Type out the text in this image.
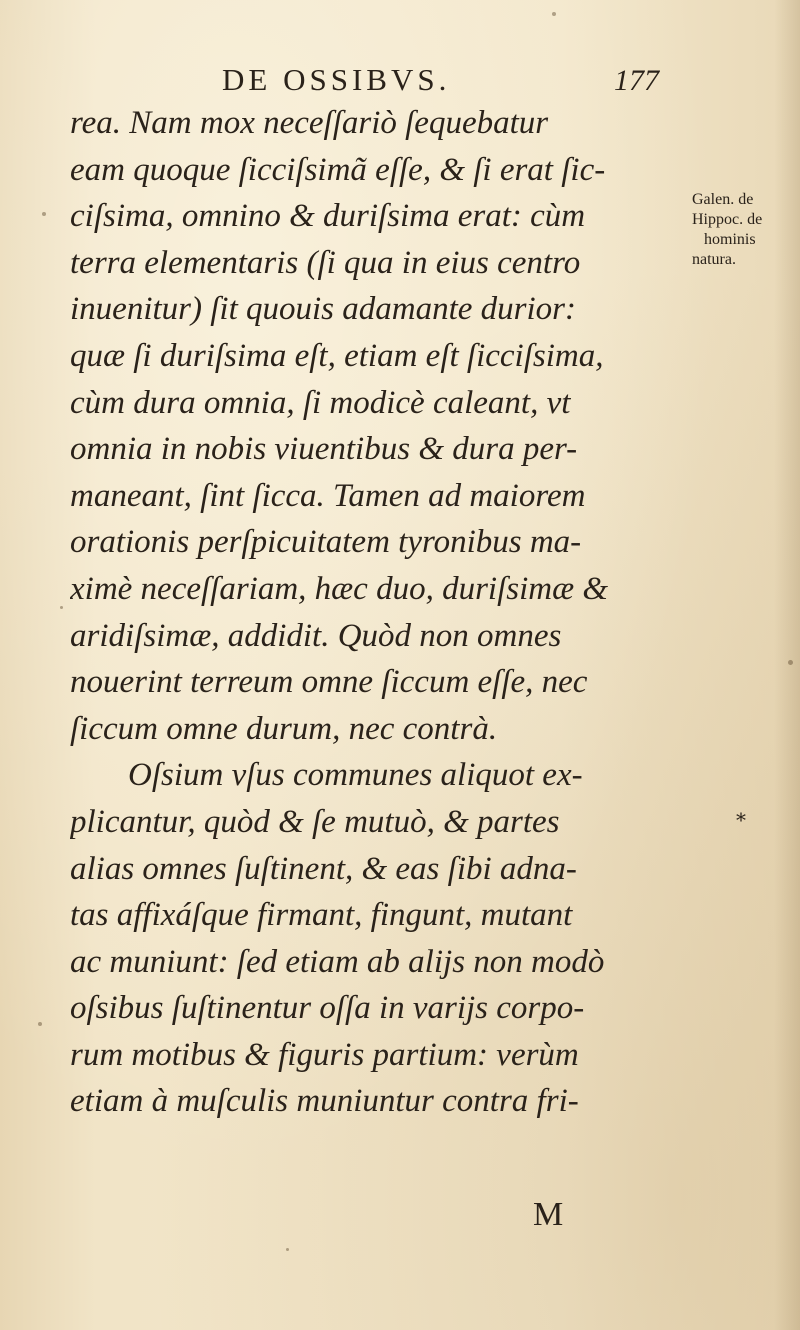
DE OSSIBVS.	177
rea. Nam mox neceſſariò ſequebatur
eam quoque ſicciſsimã eſſe, & ſi erat ſic-
ciſsima, omnino & duriſsima erat: cùm
terra elementaris (ſi qua in eius centro
inuenitur) ſit quouis adamante durior:
quæ ſi duriſsima eſt, etiam eſt ſicciſsima,
cùm dura omnia, ſi modicè caleant, vt
omnia in nobis viuentibus & dura per-
maneant, ſint ſicca. Tamen ad maiorem
orationis perſpicuitatem tyronibus ma-
ximè neceſſariam, hæc duo, duriſsimæ &
aridiſsimæ, addidit. Quòd non omnes
nouerint terreum omne ſiccum eſſe, nec
ſiccum omne durum, nec contrà.
Oſsium vſus communes aliquot ex-
plicantur, quòd & ſe mutuò, & partes
alias omnes ſuſtinent, & eas ſibi adna-
tas affixáſque firmant, fingunt, mutant
ac muniunt: ſed etiam ab alijs non modò
oſsibus ſuſtinentur oſſa in varijs corpo-
rum motibus & figuris partium: verùm
etiam à muſculis muniuntur contra fri-
Galen. de
Hippoc. de
hominis
natura.
*
M
